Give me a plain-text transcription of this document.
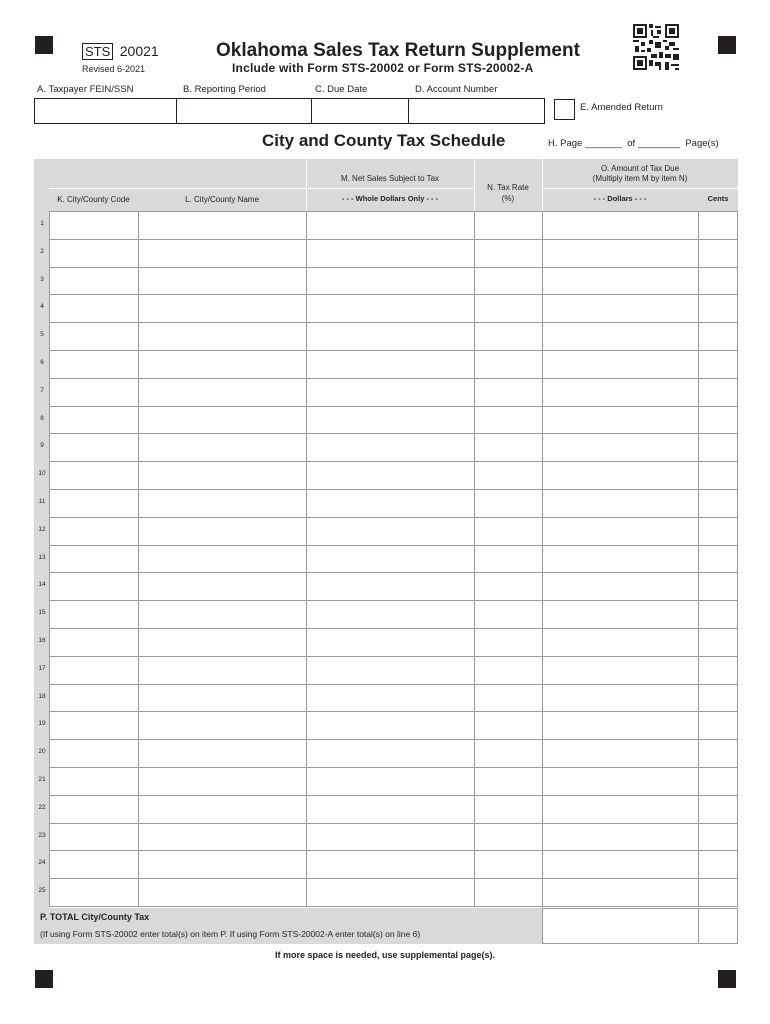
STS 20021
Revised 6-2021
Oklahoma Sales Tax Return Supplement
Include with Form STS-20002 or Form STS-20002-A
A. Taxpayer FEIN/SSN	B. Reporting Period	C. Due Date	D. Account Number
E. Amended Return
City and County Tax Schedule	H. Page _______  of ________  Page(s)
K. City/County Code	L. City/County Name
M. Net Sales Subject to Tax
- - - Whole Dollars Only - - -
N. Tax Rate
(%)
O. Amount of Tax Due
(Multiply item M by item N)
- - - Dollars - - -	Cents
1
2
3
4
5
6
7
8
9
10
11
12
13
14
15
16
17
18
19
20
21
22
23
24
25
P. TOTAL City/County Tax
(If using Form STS-20002 enter total(s) on item P. If using Form STS-20002-A enter total(s) on line 6)
If more space is needed, use supplemental page(s).
